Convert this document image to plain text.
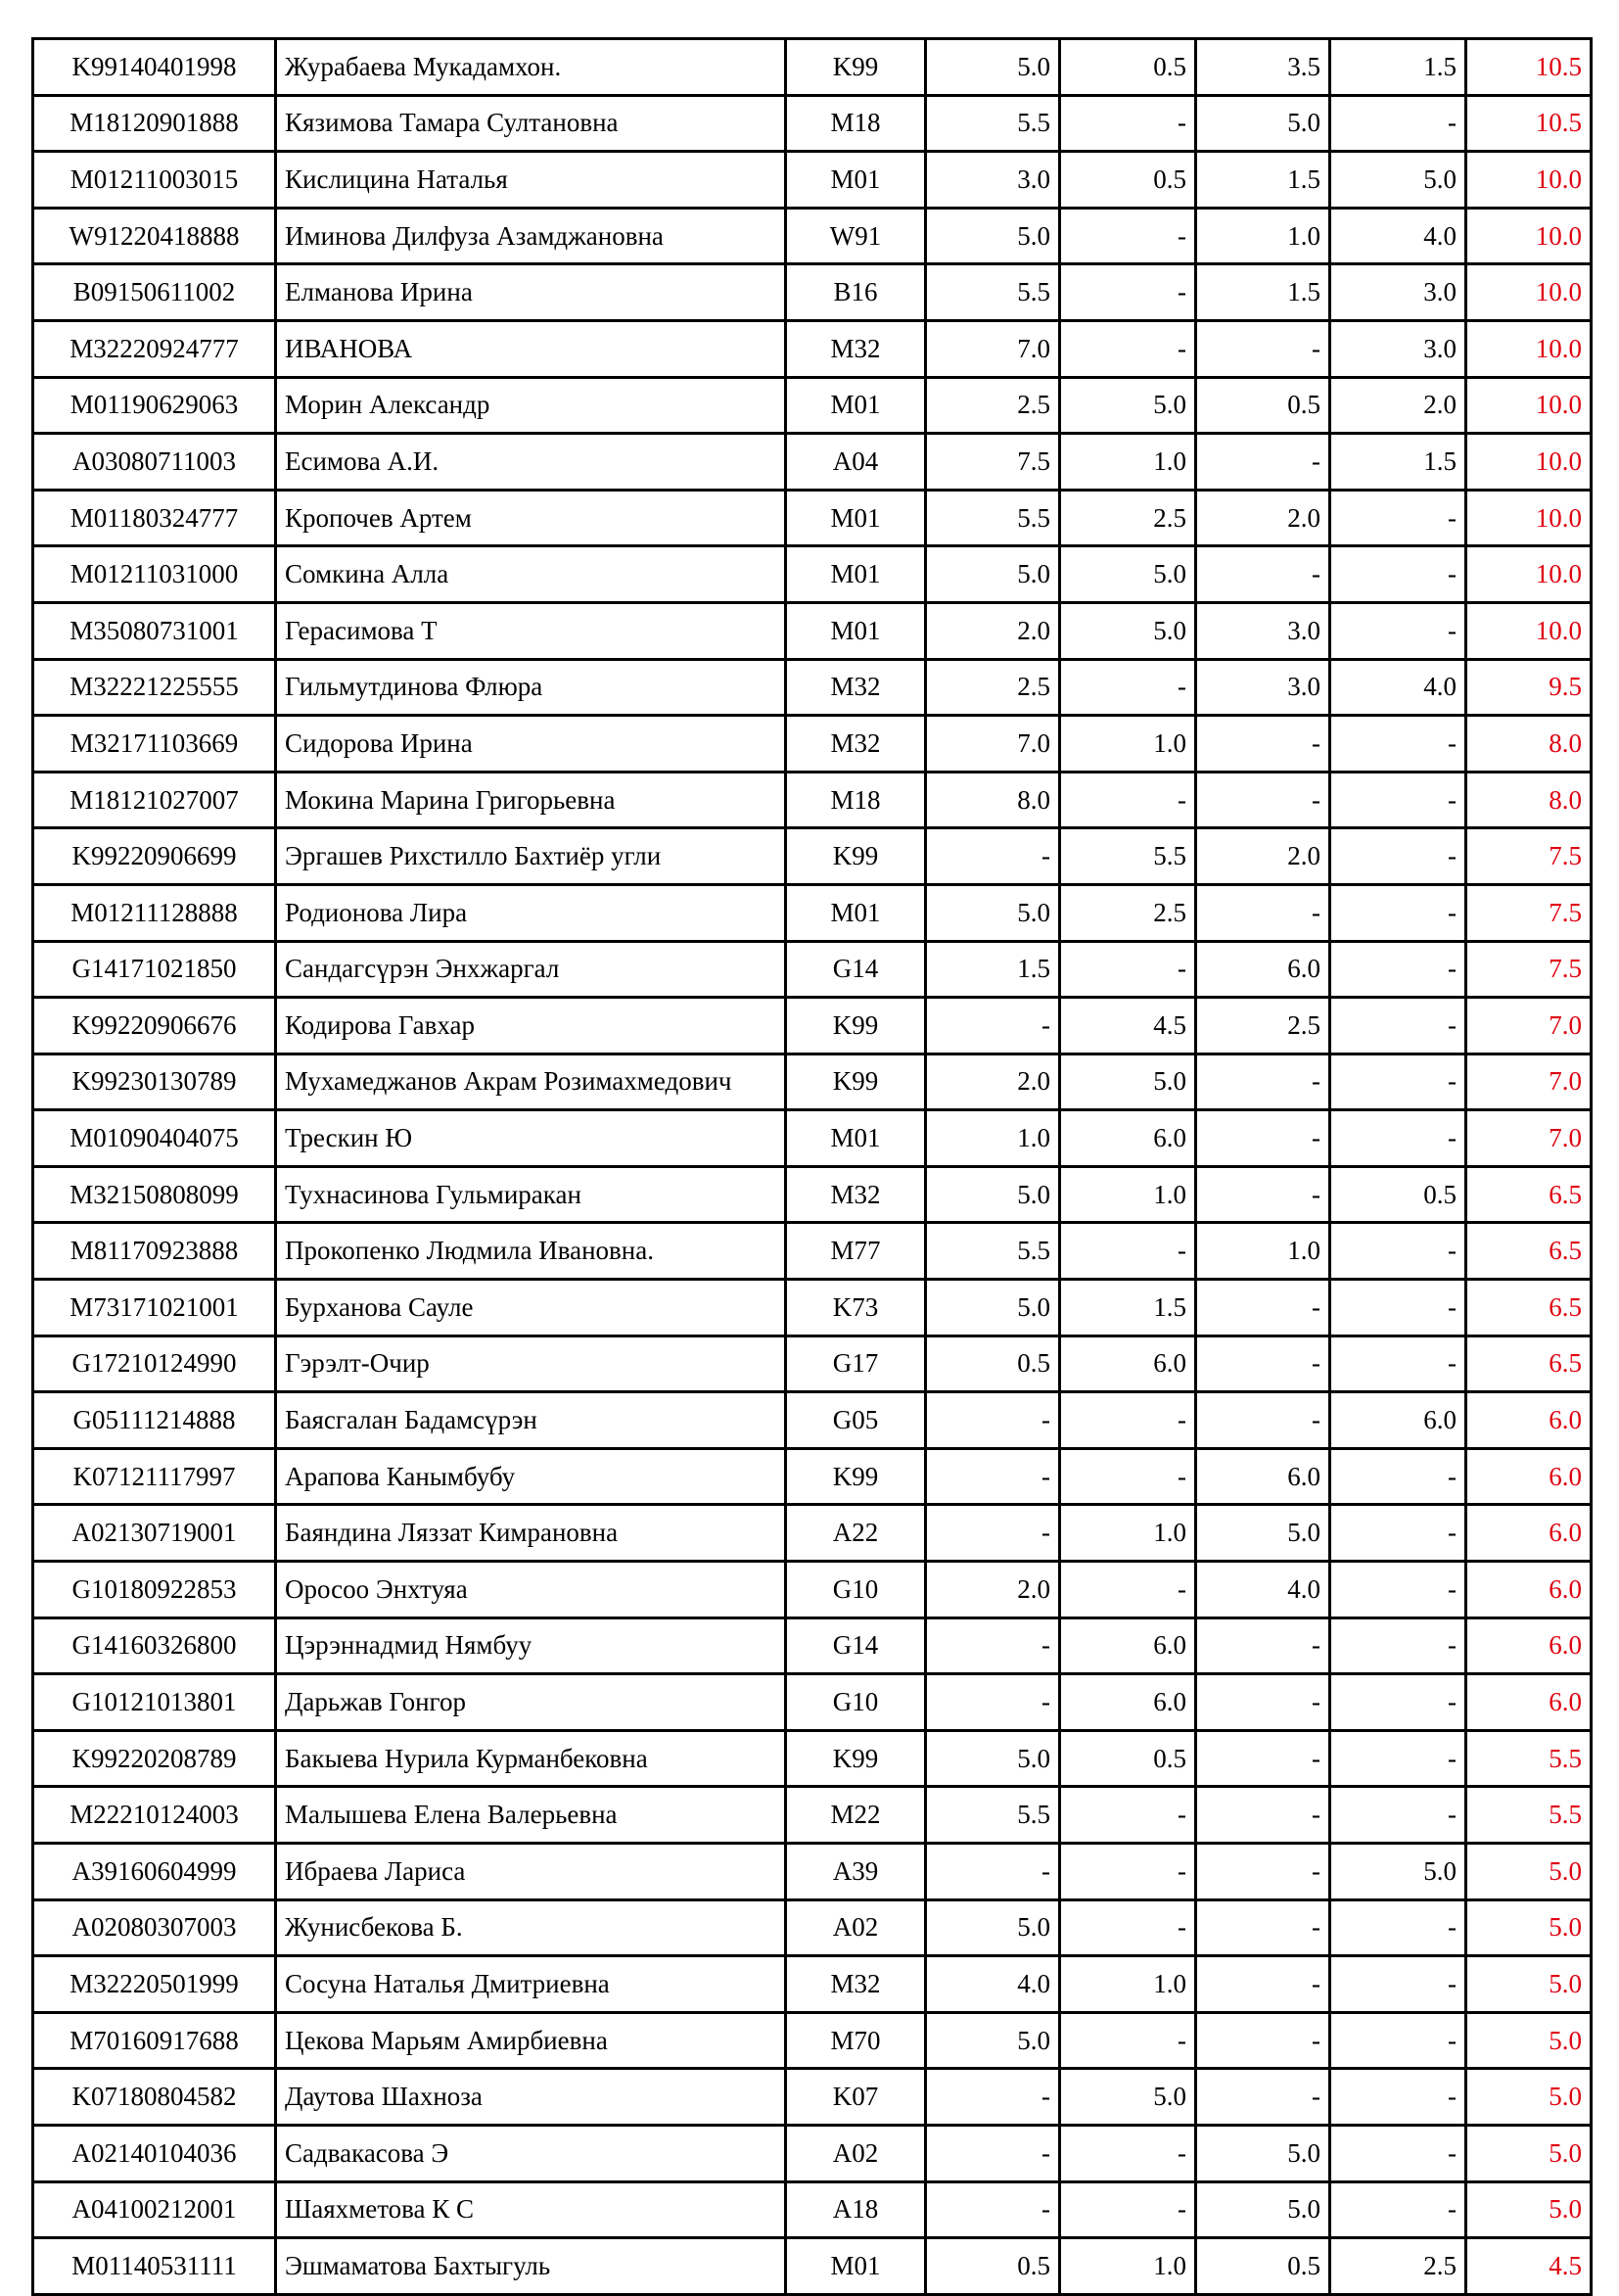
K99140401998	Журабаева Мукадамхон.	K99	5.0	0.5	3.5	1.5	10.5
M18120901888	Кязимова Тамара Султановна	M18	5.5	-	5.0	-	10.5
M01211003015	Кислицина Наталья	M01	3.0	0.5	1.5	5.0	10.0
W91220418888	Иминова Дилфуза Азамджановна	W91	5.0	-	1.0	4.0	10.0
B09150611002	Елманова Ирина	B16	5.5	-	1.5	3.0	10.0
M32220924777	ИВАНОВА	M32	7.0	-	-	3.0	10.0
M01190629063	Морин Александр	M01	2.5	5.0	0.5	2.0	10.0
A03080711003	Есимова А.И.	A04	7.5	1.0	-	1.5	10.0
M01180324777	Кропочев Артем	M01	5.5	2.5	2.0	-	10.0
M01211031000	Сомкина Алла	M01	5.0	5.0	-	-	10.0
M35080731001	Герасимова Т	M01	2.0	5.0	3.0	-	10.0
M32221225555	Гильмутдинова Флюра	M32	2.5	-	3.0	4.0	9.5
M32171103669	Сидорова Ирина	M32	7.0	1.0	-	-	8.0
M18121027007	Мокина Марина Григорьевна	M18	8.0	-	-	-	8.0
K99220906699	Эргашев Рихстилло Бахтиёр угли	K99	-	5.5	2.0	-	7.5
M01211128888	Родионова Лира	M01	5.0	2.5	-	-	7.5
G14171021850	Сандагсүрэн Энхжаргал	G14	1.5	-	6.0	-	7.5
K99220906676	Кодирова Гавхар	K99	-	4.5	2.5	-	7.0
K99230130789	Мухамеджанов Акрам Розимахмедович	K99	2.0	5.0	-	-	7.0
M01090404075	Трескин Ю	M01	1.0	6.0	-	-	7.0
M32150808099	Тухнасинова Гульмиракан	M32	5.0	1.0	-	0.5	6.5
M81170923888	Прокопенко Людмила Ивановна.	M77	5.5	-	1.0	-	6.5
M73171021001	Бурханова Сауле	K73	5.0	1.5	-	-	6.5
G17210124990	Гэрэлт-Очир	G17	0.5	6.0	-	-	6.5
G05111214888	Баясгалан Бадамсүрэн	G05	-	-	-	6.0	6.0
K07121117997	Арапова Канымбубу	K99	-	-	6.0	-	6.0
A02130719001	Баяндина Ляззат Кимрановна	A22	-	1.0	5.0	-	6.0
G10180922853	Оросоо Энхтуяа	G10	2.0	-	4.0	-	6.0
G14160326800	Цэрэннадмид Нямбуу	G14	-	6.0	-	-	6.0
G10121013801	Дарьжав Гонгор	G10	-	6.0	-	-	6.0
K99220208789	Бакыева Нурила Курманбековна	K99	5.0	0.5	-	-	5.5
M22210124003	Малышева Елена Валерьевна	M22	5.5	-	-	-	5.5
A39160604999	Ибраева Лариса	A39	-	-	-	5.0	5.0
A02080307003	Жунисбекова Б.	A02	5.0	-	-	-	5.0
M32220501999	Сосуна Наталья Дмитриевна	M32	4.0	1.0	-	-	5.0
M70160917688	Цекова Марьям Амирбиевна	M70	5.0	-	-	-	5.0
K07180804582	Даутова Шахноза	K07	-	5.0	-	-	5.0
A02140104036	Садвакасова Э	A02	-	-	5.0	-	5.0
A04100212001	Шаяхметова К С	A18	-	-	5.0	-	5.0
M01140531111	Эшмаматова Бахтыгуль	M01	0.5	1.0	0.5	2.5	4.5
